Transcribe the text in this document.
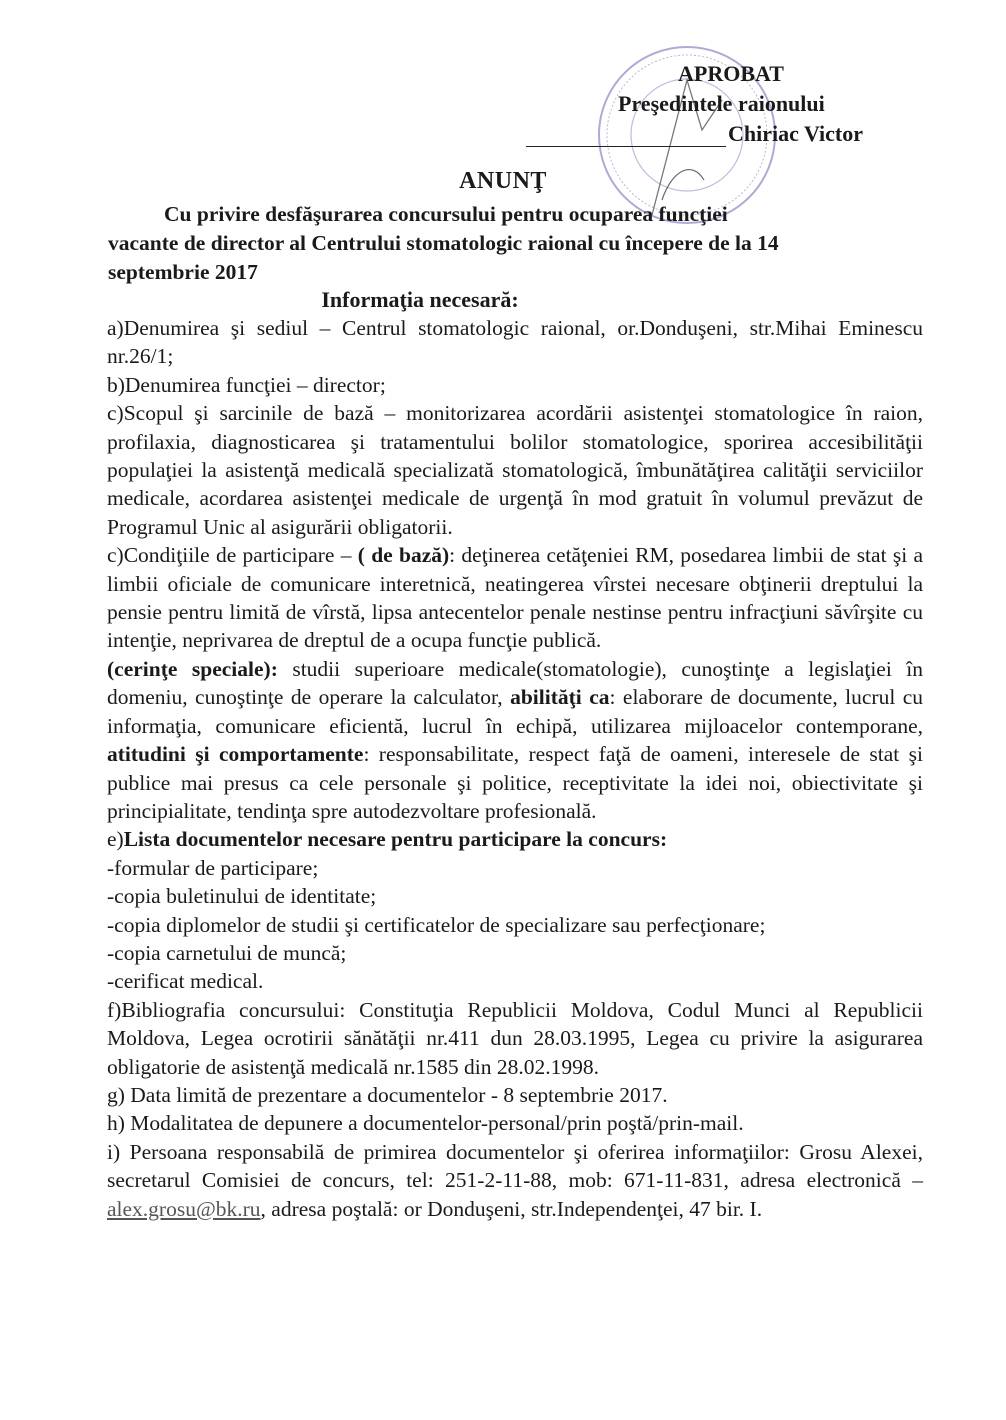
APROBAT
Preşedintele raionului
Chiriac Victor
ANUNŢ
Cu privire desfăşurarea concursului pentru ocuparea funcţiei
vacante de director al Centrului stomatologic raional cu începere de la 14
septembrie 2017
Informaţia necesară:

a)Denumirea şi sediul – Centrul stomatologic raional, or.Donduşeni, str.Mihai Eminescu nr.26/1;

b)Denumirea funcţiei – director;

c)Scopul şi sarcinile de bază – monitorizarea acordării asistenţei stomatologice în raion, profilaxia, diagnosticarea şi tratamentului bolilor stomatologice, sporirea accesibilităţii populaţiei la asistenţă medicală specializată stomatologică, îmbunătăţirea calităţii serviciilor medicale, acordarea asistenţei medicale de urgenţă în mod gratuit în volumul prevăzut de Programul Unic al asigurării obligatorii.

c)Condiţiile de participare – ( de bază): deţinerea cetăţeniei RM, posedarea limbii de stat şi a limbii oficiale de comunicare interetnică, neatingerea vîrstei necesare obţinerii dreptului la pensie pentru limită de vîrstă, lipsa antecentelor penale nestinse pentru infracţiuni săvîrşite cu intenţie, neprivarea de dreptul de a ocupa funcţie publică.

(cerinţe speciale): studii superioare medicale(stomatologie), cunoştinţe a legislaţiei în domeniu, cunoştinţe de operare la calculator, abilităţi ca: elaborare de documente, lucrul cu informaţia, comunicare eficientă, lucrul în echipă, utilizarea mijloacelor contemporane, atitudini şi comportamente: responsabilitate, respect faţă de oameni, interesele de stat şi publice mai presus ca cele personale şi politice, receptivitate la idei noi, obiectivitate şi principialitate, tendinţa spre autodezvoltare profesională.

e)Lista documentelor necesare pentru participare la concurs:

-formular de participare;

-copia buletinului de identitate;

-copia diplomelor de studii şi certificatelor de specializare sau perfecţionare;

-copia carnetului de muncă;

-cerificat medical.

f)Bibliografia concursului: Constituţia Republicii Moldova, Codul Munci al Republicii Moldova, Legea ocrotirii sănătăţii nr.411 dun 28.03.1995, Legea cu privire la asigurarea obligatorie de asistenţă medicală nr.1585 din 28.02.1998.

g) Data limită de prezentare a documentelor - 8 septembrie 2017.

h) Modalitatea de depunere a documentelor-personal/prin poştă/prin-mail.

i) Persoana responsabilă de primirea documentelor şi oferirea informaţiilor: Grosu Alexei, secretarul Comisiei de concurs, tel: 251-2-11-88, mob: 671-11-831, adresa electronică – alex.grosu@bk.ru, adresa poştală: or Donduşeni, str.Independenţei, 47 bir. I.
